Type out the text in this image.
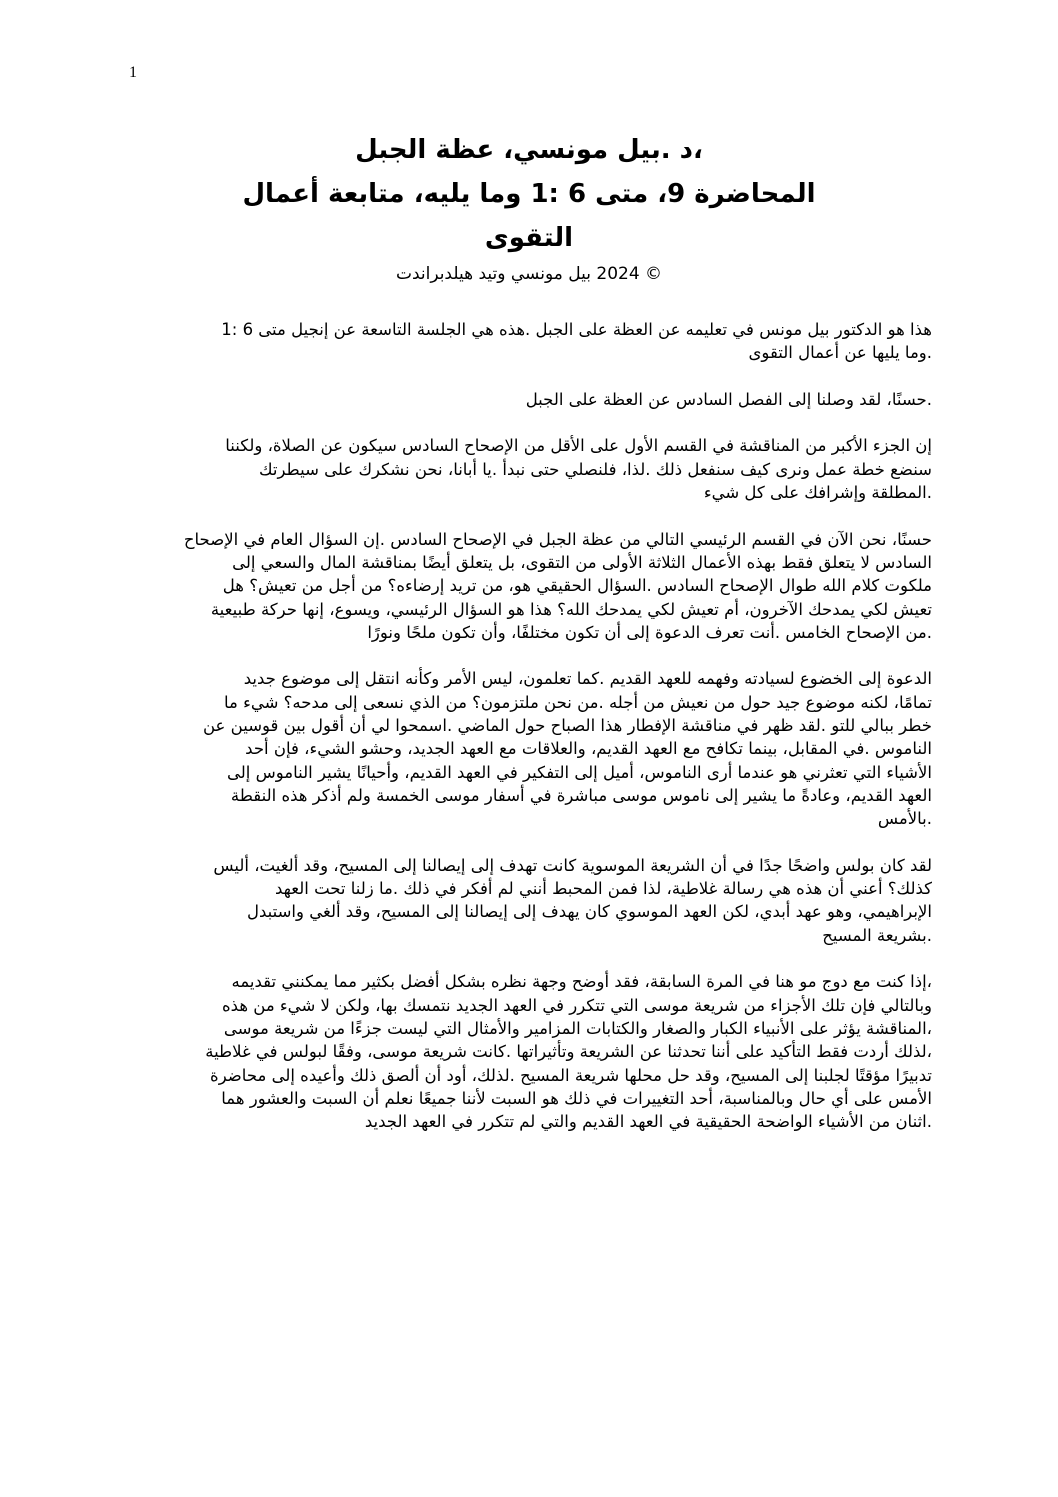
1
،د .بيل مونسي، عظة الجبل
المحاضرة 9، متى 6 :1 وما يليه، متابعة أعمال
التقوى
© 2024 بيل مونسي وتيد هيلدبراندت

هذا هو الدكتور بيل مونس في تعليمه عن العظة على الجبل .هذه هي الجلسة التاسعة عن إنجيل متى 6 :1
.وما يليها عن أعمال التقوى

.حسنًا، لقد وصلنا إلى الفصل السادس عن العظة على الجبل

إن الجزء الأكبر من المناقشة في القسم الأول على الأقل من الإصحاح السادس سيكون عن الصلاة، ولكننا
سنضع خطة عمل ونرى كيف سنفعل ذلك .لذا، فلنصلي حتى نبدأ .يا أبانا، نحن نشكرك على سيطرتك
.المطلقة وإشرافك على كل شيء

حسنًا، نحن الآن في القسم الرئيسي التالي من عظة الجبل في الإصحاح السادس .إن السؤال العام في الإصحاح
السادس لا يتعلق فقط بهذه الأعمال الثلاثة الأولى من التقوى، بل يتعلق أيضًا بمناقشة المال والسعي إلى
ملكوت كلام الله طوال الإصحاح السادس .السؤال الحقيقي هو، من تريد إرضاءه؟ من أجل من تعيش؟ هل
تعيش لكي يمدحك الآخرون، أم تعيش لكي يمدحك الله؟ هذا هو السؤال الرئيسي، ويسوع، إنها حركة طبيعية
.من الإصحاح الخامس .أنت تعرف الدعوة إلى أن تكون مختلفًا، وأن تكون ملحًا ونورًا

الدعوة إلى الخضوع لسيادته وفهمه للعهد القديم .كما تعلمون، ليس الأمر وكأنه انتقل إلى موضوع جديد
تمامًا، لكنه موضوع جيد حول من نعيش من أجله .من نحن ملتزمون؟ من الذي نسعى إلى مدحه؟ شيء ما
خطر ببالي للتو .لقد ظهر في مناقشة الإفطار هذا الصباح حول الماضي .اسمحوا لي أن أقول بين قوسين عن
الناموس .في المقابل، بينما تكافح مع العهد القديم، والعلاقات مع العهد الجديد، وحشو الشيء، فإن أحد
الأشياء التي تعثرني هو عندما أرى الناموس، أميل إلى التفكير في العهد القديم، وأحيانًا يشير الناموس إلى
العهد القديم، وعادةً ما يشير إلى ناموس موسى مباشرة في أسفار موسى الخمسة ولم أذكر هذه النقطة
.بالأمس

لقد كان بولس واضحًا جدًا في أن الشريعة الموسوية كانت تهدف إلى إيصالنا إلى المسيح، وقد ألغيت، أليس
كذلك؟ أعني أن هذه هي رسالة غلاطية، لذا فمن المحبط أنني لم أفكر في ذلك .ما زلنا تحت العهد
الإبراهيمي، وهو عهد أبدي، لكن العهد الموسوي كان يهدف إلى إيصالنا إلى المسيح، وقد ألغي واستبدل
.بشريعة المسيح

،إذا كنت مع دوج مو هنا في المرة السابقة، فقد أوضح وجهة نظره بشكل أفضل بكثير مما يمكنني تقديمه
وبالتالي فإن تلك الأجزاء من شريعة موسى التي تتكرر في العهد الجديد نتمسك بها، ولكن لا شيء من هذه
،المناقشة يؤثر على الأنبياء الكبار والصغار والكتابات المزامير والأمثال التي ليست جزءًا من شريعة موسى
،لذلك أردت فقط التأكيد على أننا تحدثنا عن الشريعة وتأثيراتها .كانت شريعة موسى، وفقًا لبولس في غلاطية
تدبيرًا مؤقتًا لجلبنا إلى المسيح، وقد حل محلها شريعة المسيح .لذلك، أود أن ألصق ذلك وأعيده إلى محاضرة
الأمس على أي حال وبالمناسبة، أحد التغييرات في ذلك هو السبت لأننا جميعًا نعلم أن السبت والعشور هما
.اثنان من الأشياء الواضحة الحقيقية في العهد القديم والتي لم تتكرر في العهد الجديد
